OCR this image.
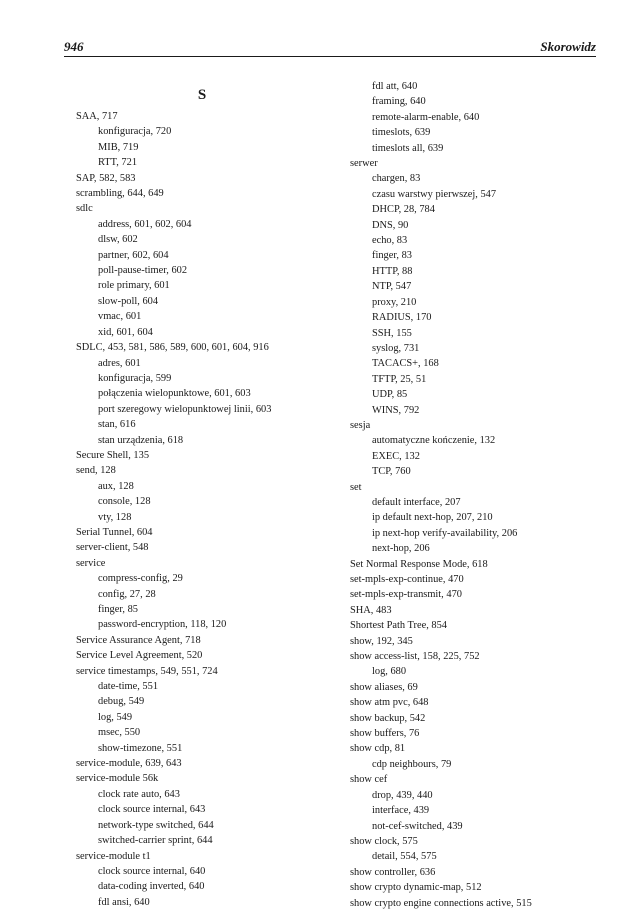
946	Skorowidz
S
SAA, 717
konfiguracja, 720
MIB, 719
RTT, 721
SAP, 582, 583
scrambling, 644, 649
sdlc
address, 601, 602, 604
dlsw, 602
partner, 602, 604
poll-pause-timer, 602
role primary, 601
slow-poll, 604
vmac, 601
xid, 601, 604
SDLC, 453, 581, 586, 589, 600, 601, 604, 916
adres, 601
konfiguracja, 599
połączenia wielopunktowe, 601, 603
port szeregowy wielopunktowej linii, 603
stan, 616
stan urządzenia, 618
Secure Shell, 135
send, 128
aux, 128
console, 128
vty, 128
Serial Tunnel, 604
server-client, 548
service
compress-config, 29
config, 27, 28
finger, 85
password-encryption, 118, 120
Service Assurance Agent, 718
Service Level Agreement, 520
service timestamps, 549, 551, 724
date-time, 551
debug, 549
log, 549
msec, 550
show-timezone, 551
service-module, 639, 643
service-module 56k
clock rate auto, 643
clock source internal, 643
network-type switched, 644
switched-carrier sprint, 644
service-module t1
clock source internal, 640
data-coding inverted, 640
fdl ansi, 640
fdl att, 640
framing, 640
remote-alarm-enable, 640
timeslots, 639
timeslots all, 639
serwer
chargen, 83
czasu warstwy pierwszej, 547
DHCP, 28, 784
DNS, 90
echo, 83
finger, 83
HTTP, 88
NTP, 547
proxy, 210
RADIUS, 170
SSH, 155
syslog, 731
TACACS+, 168
TFTP, 25, 51
UDP, 85
WINS, 792
sesja
automatyczne kończenie, 132
EXEC, 132
TCP, 760
set
default interface, 207
ip default next-hop, 207, 210
ip next-hop verify-availability, 206
next-hop, 206
Set Normal Response Mode, 618
set-mpls-exp-continue, 470
set-mpls-exp-transmit, 470
SHA, 483
Shortest Path Tree, 854
show, 192, 345
show access-list, 158, 225, 752
log, 680
show aliases, 69
show atm pvc, 648
show backup, 542
show buffers, 76
show cdp, 81
cdp neighbours, 79
show cef
drop, 439, 440
interface, 439
not-cef-switched, 439
show clock, 575
detail, 554, 575
show controller, 636
show crypto dynamic-map, 512
show crypto engine connections active, 515
